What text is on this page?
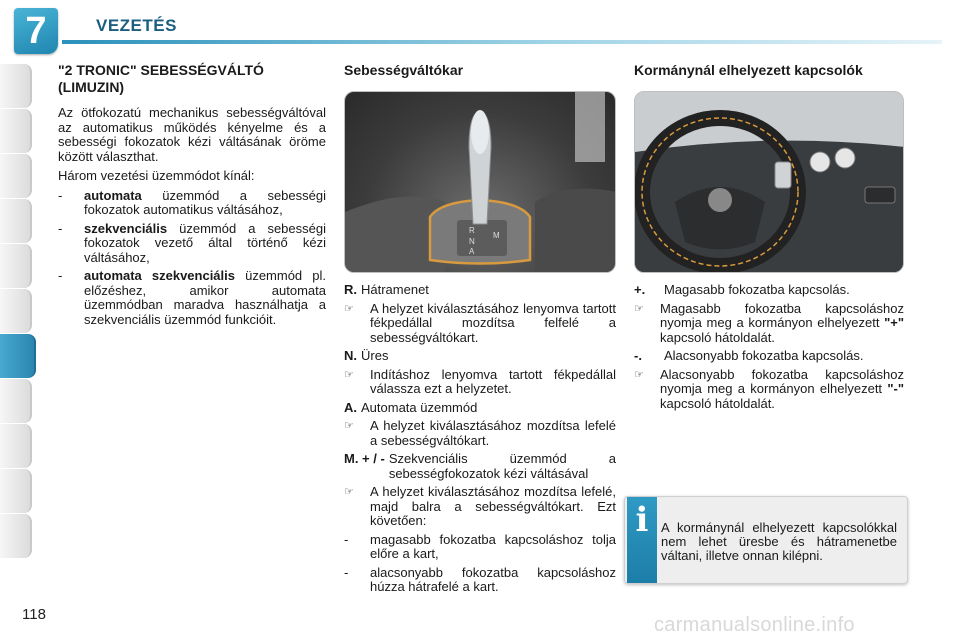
7	VEZETÉS
"2 TRONIC" SEBESSÉGVÁLTÓ (LIMUZIN)

Az ötfokozatú mechanikus sebességváltóval az automatikus működés kényelme és a sebességi fokozatok kézi váltásának öröme között választhat.

Három vezetési üzemmódot kínál:

-	automata üzemmód a sebességi fokozatok automatikus váltásához,
-	szekvenciális üzemmód a sebességi fokozatok vezető által történő kézi váltásához,
-	automata szekvenciális üzemmód pl. előzéshez, amikor automata üzemmódban maradva használhatja a szekvenciális üzemmód funkcióit.
Sebességváltókar
R
N
A
M
R. Hátramenet
☞	A helyzet kiválasztásához lenyomva tartott fékpedállal mozdítsa felfelé a sebességváltókart.
N. Üres
☞	Indításhoz lenyomva tartott fékpedállal válassza ezt a helyzetet.
A. Automata üzemmód
☞	A helyzet kiválasztásához mozdítsa lefelé a sebességváltókart.
M. + / - Szekvenciális üzemmód a sebességfokozatok kézi váltásával
☞	A helyzet kiválasztásához mozdítsa lefelé, majd balra a sebességváltókart. Ezt követően:
-	magasabb fokozatba kapcsoláshoz tolja előre a kart,
-	alacsonyabb fokozatba kapcsoláshoz húzza hátrafelé a kart.
Kormánynál elhelyezett kapcsolók
+.	Magasabb fokozatba kapcsolás.
☞	Magasabb fokozatba kapcsoláshoz nyomja meg a kormányon elhelyezett "+" kapcsoló hátoldalát.
-.	Alacsonyabb fokozatba kapcsolás.
☞	Alacsonyabb fokozatba kapcsoláshoz nyomja meg a kormányon elhelyezett "-" kapcsoló hátoldalát.
i A kormánynál elhelyezett kapcsolókkal nem lehet üresbe és hátramenetbe váltani, illetve onnan kilépni.
118	carmanualsonline.info
